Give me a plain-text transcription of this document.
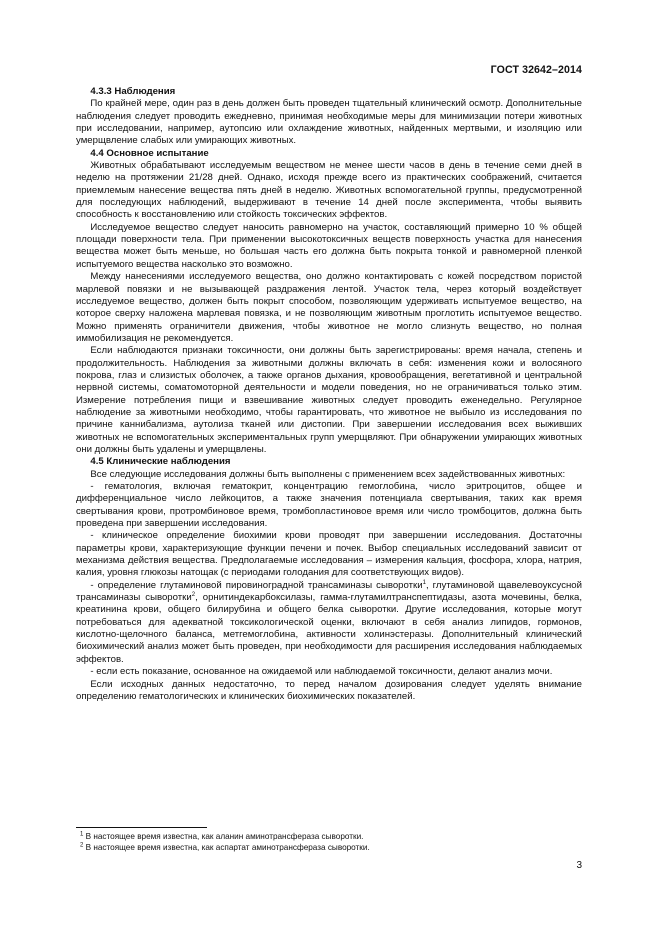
ГОСТ 32642–2014
4.3.3 Наблюдения

По крайней мере, один раз в день должен быть проведен тщательный клинический осмотр. Дополнительные наблюдения следует проводить ежедневно, принимая необходимые меры для минимизации потери животных при исследовании, например, аутопсию или охлаждение животных, найденных мертвыми, и изоляцию или умерщвление слабых или умирающих животных.

4.4 Основное испытание

Животных обрабатывают исследуемым веществом не менее шести часов в день в течение семи дней в неделю на протяжении 21/28 дней. Однако, исходя прежде всего из практических соображений, считается приемлемым нанесение вещества пять дней в неделю. Животных вспомогательной группы, предусмотренной для последующих наблюдений, выдерживают в течение 14 дней после эксперимента, чтобы выявить способность к восстановлению или стойкость токсических эффектов.

Исследуемое вещество следует наносить равномерно на участок, составляющий примерно 10 % общей площади поверхности тела. При применении высокотоксичных веществ поверхность участка для нанесения вещества может быть меньше, но большая часть его должна быть покрыта тонкой и равномерной пленкой испытуемого вещества насколько это возможно.

Между нанесениями исследуемого вещества, оно должно контактировать с кожей посредством пористой марлевой повязки и не вызывающей раздражения лентой. Участок тела, через который воздействует исследуемое вещество, должен быть покрыт способом, позволяющим удерживать испытуемое вещество, на которое сверху наложена марлевая повязка, и не позволяющим животным проглотить испытуемое вещество. Можно применять ограничители движения, чтобы животное не могло слизнуть вещество, но полная иммобилизация не рекомендуется.

Если наблюдаются признаки токсичности, они должны быть зарегистрированы: время начала, степень и продолжительность. Наблюдения за животными должны включать в себя: изменения кожи и волосяного покрова, глаз и слизистых оболочек, а также органов дыхания, кровообращения, вегетативной и центральной нервной системы, соматомоторной деятельности и модели поведения, но не ограничиваться только этим. Измерение потребления пищи и взвешивание животных следует проводить еженедельно. Регулярное наблюдение за животными необходимо, чтобы гарантировать, что животное не выбыло из исследования по причине каннибализма, аутолиза тканей или дистопии. При завершении исследования всех выживших животных не вспомогательных экспериментальных групп умерщвляют. При обнаружении умирающих животных они должны быть удалены и умерщвлены.

4.5 Клинические наблюдения

Все следующие исследования должны быть выполнены с применением всех задействованных животных:

- гематология, включая гематокрит, концентрацию гемоглобина, число эритроцитов, общее и дифференциальное число лейкоцитов, а также значения потенциала свертывания, таких как время свертывания крови, протромбиновое время, тромбопластиновое время или число тромбоцитов, должна быть проведена при завершении исследования.

- клиническое определение биохимии крови проводят при завершении исследования. Достаточны параметры крови, характеризующие функции печени и почек. Выбор специальных исследований зависит от механизма действия вещества. Предполагаемые исследования – измерения кальция, фосфора, хлора, натрия, калия, уровня глюкозы натощак (с периодами голодания для соответствующих видов).

- определение глутаминовой пировиноградной трансаминазы сыворотки$^1$, глутаминовой щавелевоуксусной трансаминазы сыворотки$^2$, орнитиндекарбоксилазы, гамма-глутамилтранспептидазы, азота мочевины, белка, креатинина крови, общего билирубина и общего белка сыворотки. Другие исследования, которые могут потребоваться для адекватной токсикологической оценки, включают в себя анализ липидов, гормонов, кислотно-щелочного баланса, метгемоглобина, активности холинэстеразы. Дополнительный клинический биохимический анализ может быть проведен, при необходимости для расширения исследования наблюдаемых эффектов.

- если есть показание, основанное на ожидаемой или наблюдаемой токсичности, делают анализ мочи.

Если исходных данных недостаточно, то перед началом дозирования следует уделять внимание определению гематологических и клинических биохимических показателей.

$^1$ В настоящее время известна, как аланин аминотрансфераза сыворотки.

$^2$ В настоящее время известна, как аспартат аминотрансфераза сыворотки.

3
